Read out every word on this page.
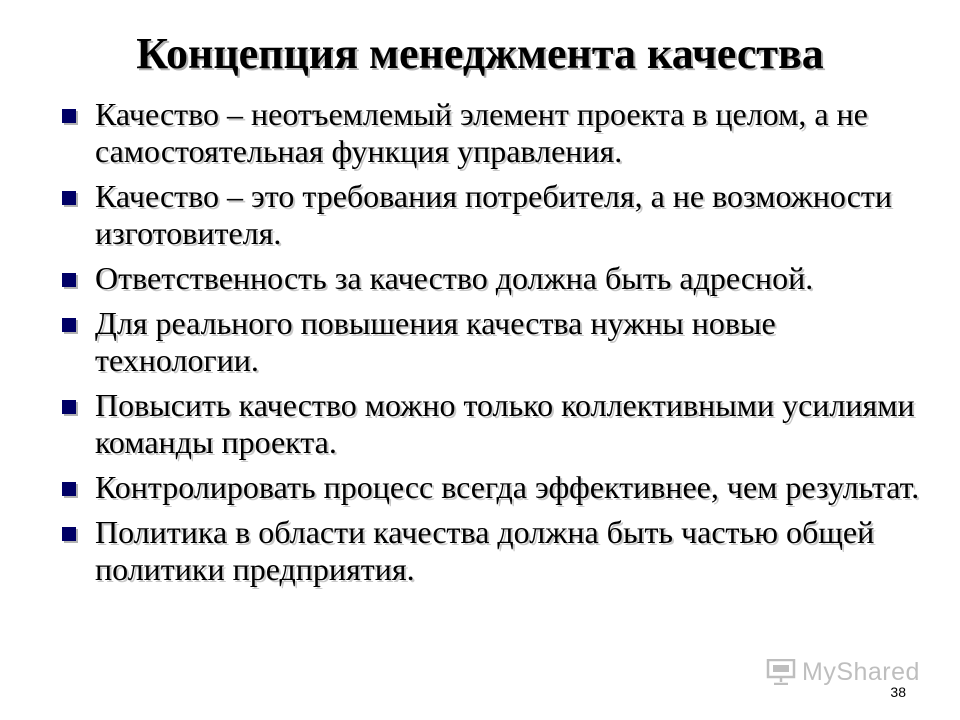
Концепция менеджмента качества
Качество – неотъемлемый элемент проекта в целом, а не самостоятельная функция управления.
Качество – это требования потребителя, а не возможности изготовителя.
Ответственность за качество должна быть адресной.
Для реального повышения качества нужны новые технологии.
Повысить качество можно только коллективными усилиями команды проекта.
Контролировать процесс всегда эффективнее, чем результат.
Политика в области качества должна быть частью общей политики предприятия.
MyShared
38
